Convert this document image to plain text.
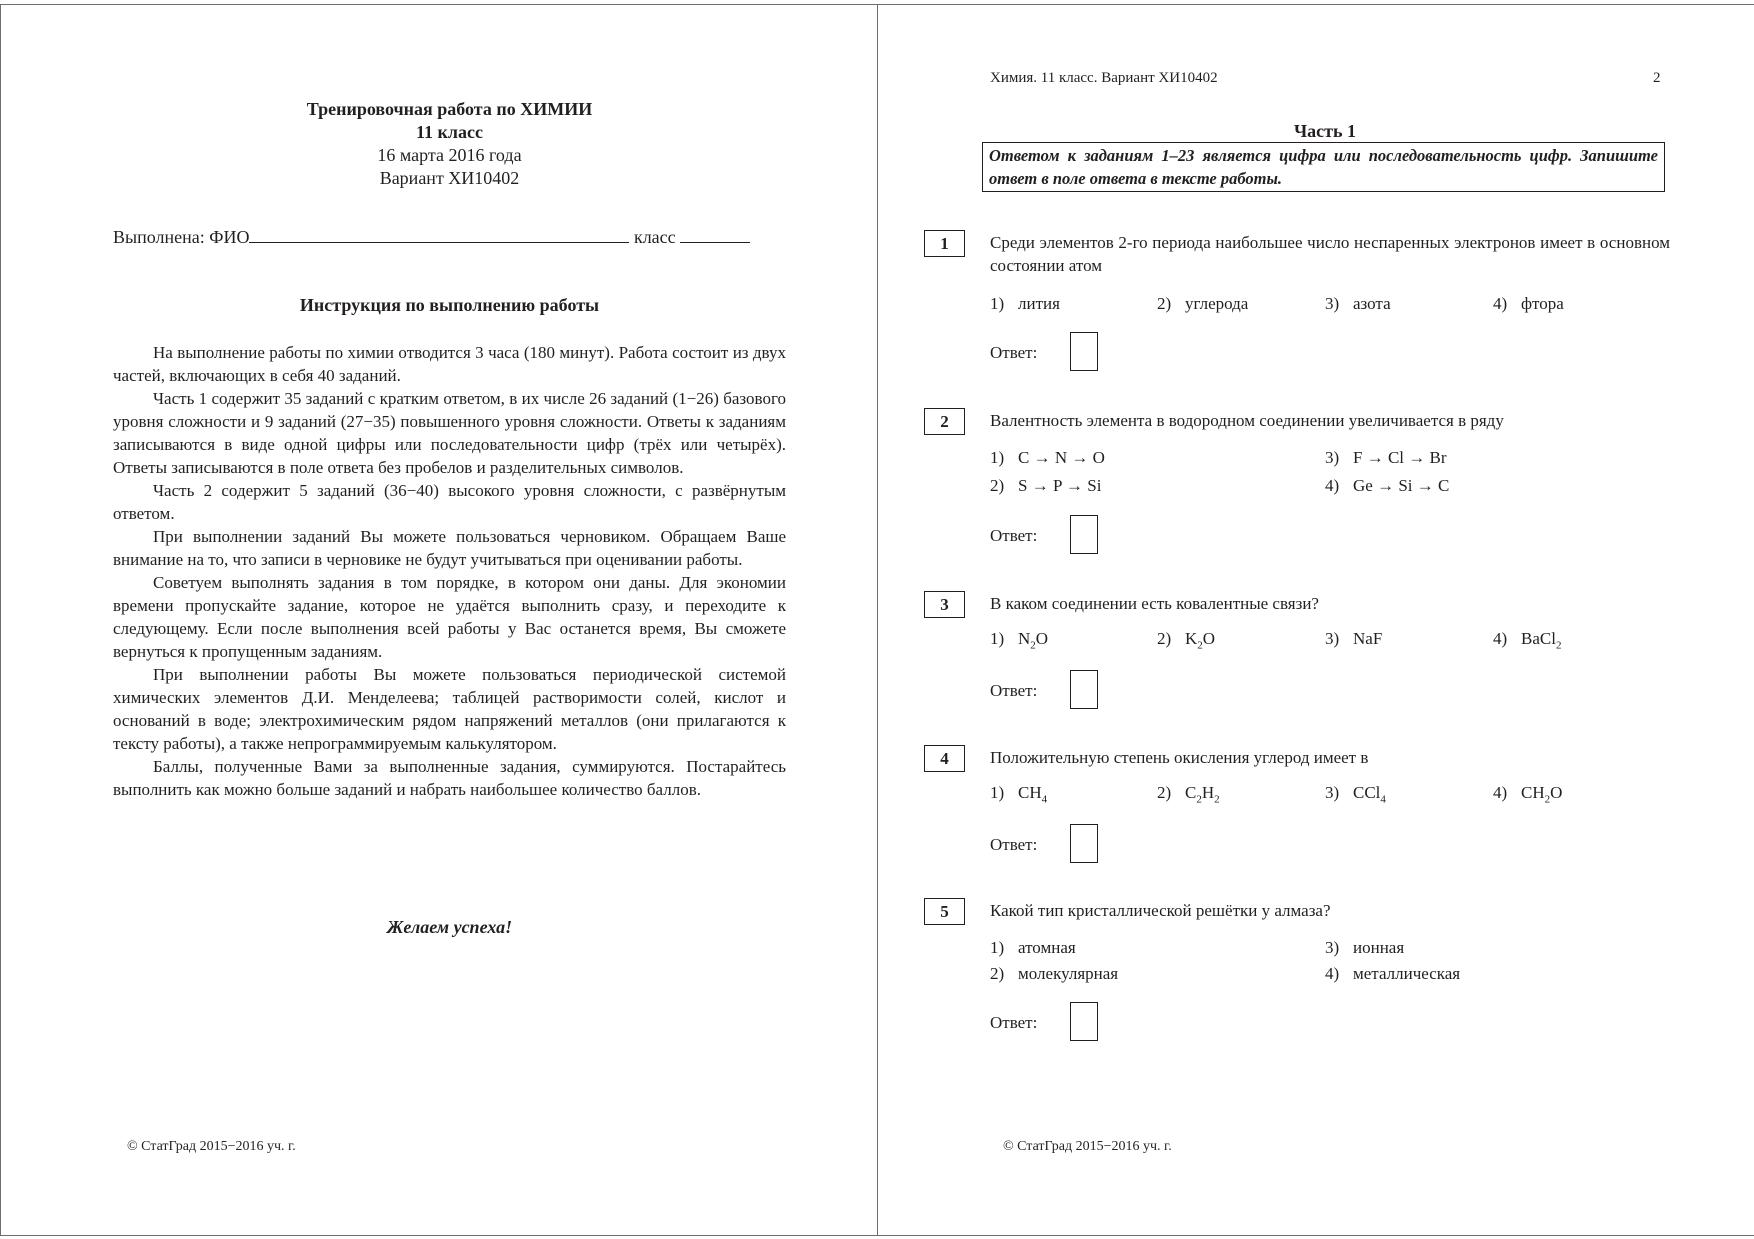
Тренировочная работа по ХИМИИ
11 класс
16 марта 2016 года
Вариант ХИ10402
Выполнена: ФИО	класс
Инструкция по выполнению работы

На выполнение работы по химии отводится 3 часа (180 минут). Работа состоит из двух частей, включающих в себя 40 заданий.

Часть 1 содержит 35 заданий с кратким ответом, в их числе 26 заданий (1−26) базового уровня сложности и 9 заданий (27−35) повышенного уровня сложности. Ответы к заданиям записываются в виде одной цифры или последовательности цифр (трёх или четырёх). Ответы записываются в поле ответа без пробелов и разделительных символов.

Часть 2 содержит 5 заданий (36−40) высокого уровня сложности, с развёрнутым ответом.

При выполнении заданий Вы можете пользоваться черновиком. Обращаем Ваше внимание на то, что записи в черновике не будут учитываться при оценивании работы.

Советуем выполнять задания в том порядке, в котором они даны. Для экономии времени пропускайте задание, которое не удаётся выполнить сразу, и переходите к следующему. Если после выполнения всей работы у Вас останется время, Вы сможете вернуться к пропущенным заданиям.

При выполнении работы Вы можете пользоваться периодической системой химических элементов Д.И. Менделеева; таблицей растворимости солей, кислот и оснований в воде; электрохимическим рядом напряжений металлов (они прилагаются к тексту работы), а также непрограммируемым калькулятором.

Баллы, полученные Вами за выполненные задания, суммируются. Постарайтесь выполнить как можно больше заданий и набрать наибольшее количество баллов.

Желаем успеха!
© СтатГрад 2015−2016 уч. г.
Химия. 11 класс. Вариант ХИ10402	2
Часть 1
Ответом к заданиям 1–23 является цифра или последовательность цифр. Запишите ответ в поле ответа в тексте работы.
1	Среди элементов 2-го периода наибольшее число неспаренных электронов имеет в основном состоянии атом
1) лития	2) углерода	3) азота	4) фтора
Ответ:
2	Валентность элемента в водородном соединении увеличивается в ряду
1) C → N → O	3) F → Cl → Br
2) S → P → Si	4) Ge → Si → C
Ответ:
3	В каком соединении есть ковалентные связи?
1) $N_2O$	2) $K_2O$	3) NaF	4) BaCl$_2$
Ответ:
4	Положительную степень окисления углерод имеет в
1) $CH_4$	2) $C_2H_2$	3) CCl$_4$	4) $CH_2O$
Ответ:
5	Какой тип кристаллической решётки у алмаза?
1) атомная	3) ионная
2) молекулярная	4) металлическая
Ответ:
© СтатГрад 2015−2016 уч. г.
